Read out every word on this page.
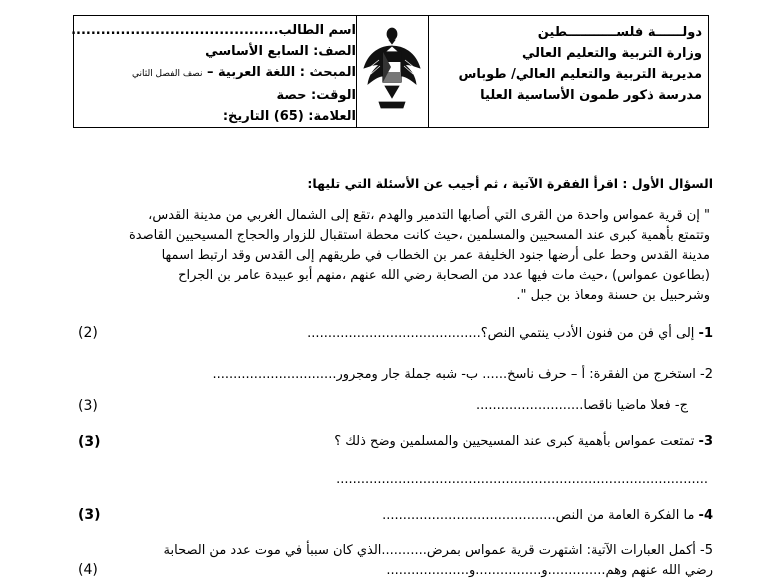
دولــــــة فلســـــــــــطين
وزارة التربية والتعليم العالي
مديرية التربية والتعليم العالي/ طوباس
مدرسة ذكور طمون الأساسية العليا
اسم الطالب..........................................
الصف: السابع الأساسي
المبحث : اللغة العربية – نصف الفصل الثاني
الوقت: حصة
العلامة: (65) التاريخ:
السؤال الأول : اقرأ الفقرة الآتية ، ثم أجيب عن الأسئلة التي تليها:
" إن قرية عمواس واحدة من القرى التي أصابها التدمير والهدم ،تقع إلى الشمال الغربي من مدينة القدس،
وتتمتع بأهمية كبرى عند المسحيين والمسلمين ،حيث كانت محطة استقبال للزوار والحجاج المسيحيين القاصدة
مدينة القدس وحط على أرضها جنود الخليفة عمر بن الخطاب في طريقهم إلى القدس وقد ارتبط اسمها
(بطاعون عمواس) ،حيث مات فيها عدد من الصحابة رضي الله عنهم ،منهم أبو عبيدة عامر بن الجراح
وشرحبيل بن حسنة ومعاذ بن جبل ".
1- إلى أي فن من فنون الأدب ينتمي النص؟..........................................
(2)
2- استخرج من الفقرة: أ – حرف ناسخ...... ب- شبه جملة جار ومجرور..............................
ج- فعلا ماضيا ناقصا..........................
(3)
3- تمتعت عمواس بأهمية كبرى عند المسيحيين والمسلمين وضح ذلك ؟
(3)
..........................................................................................
4- ما الفكرة العامة من النص..........................................
(3)
5- أكمل العبارات الآتية: اشتهرت قرية عمواس بمرض...........الذي كان سببأ في موت عدد من الصحابة
رضي الله عنهم وهم..............و................و....................
(4)
